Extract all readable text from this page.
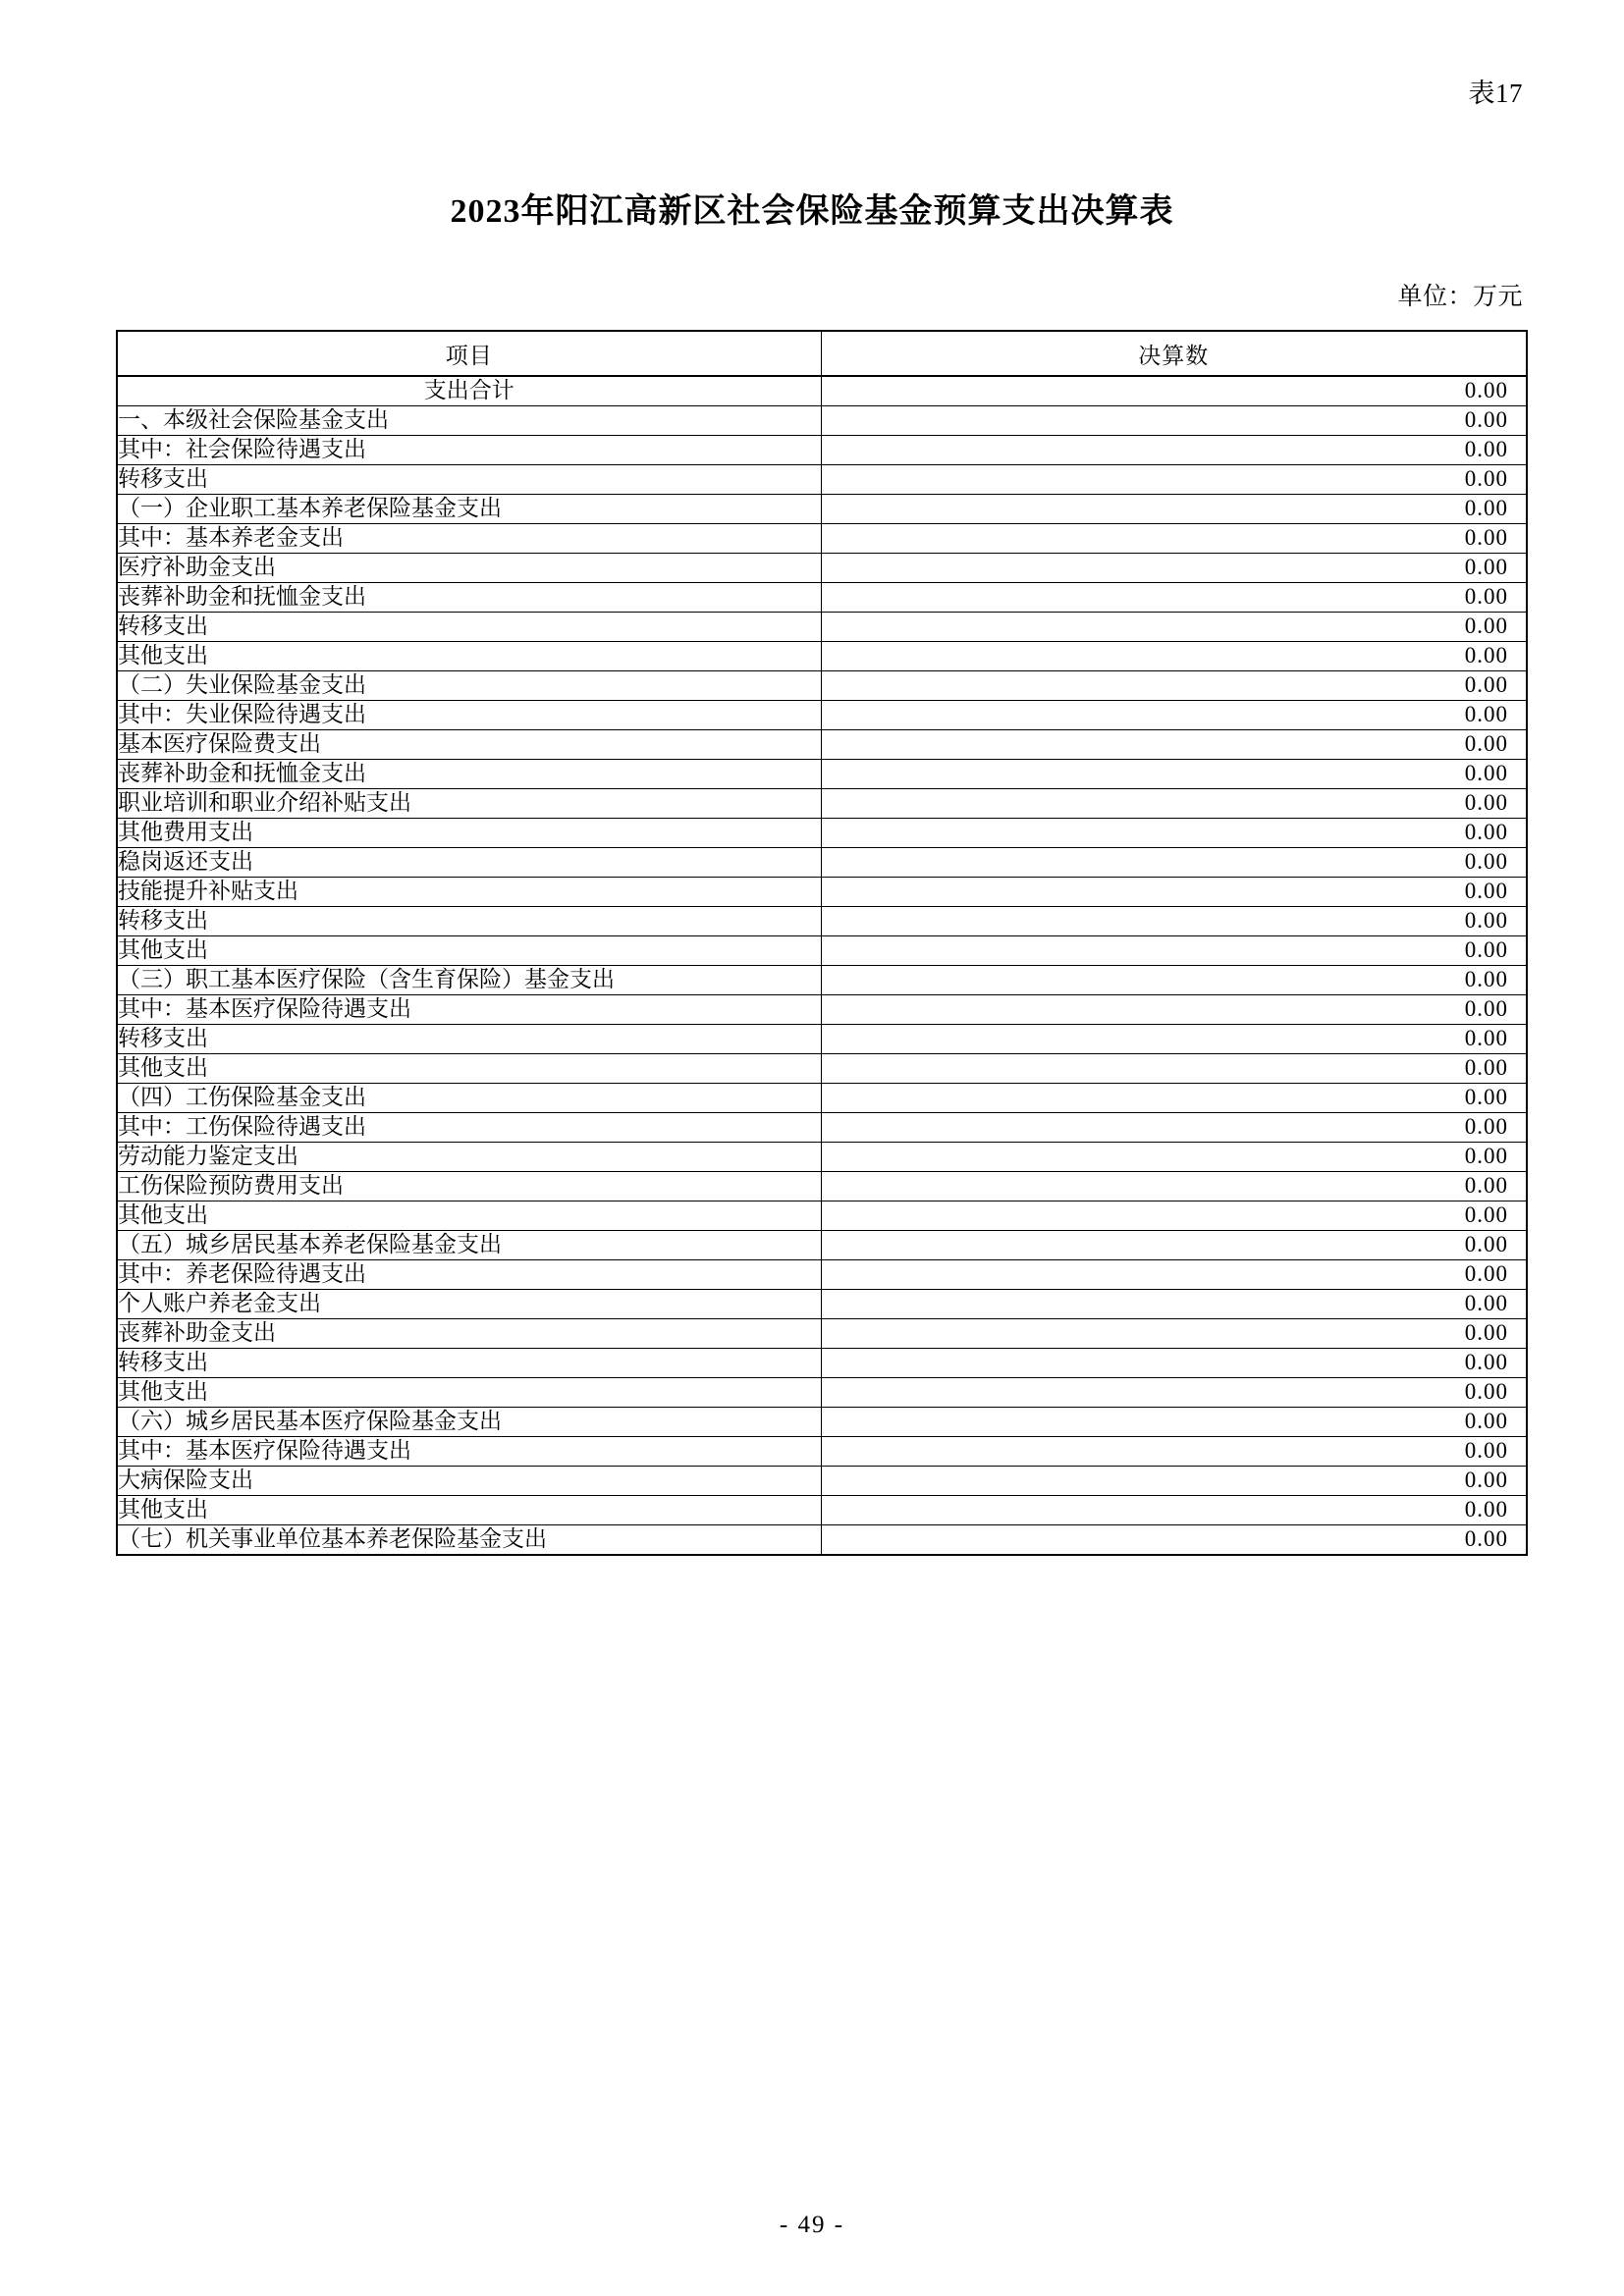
表17
2023年阳江高新区社会保险基金预算支出决算表
单位：万元
项目	决算数
支出合计	0.00
一、本级社会保险基金支出	0.00
其中：社会保险待遇支出	0.00
转移支出	0.00
（一）企业职工基本养老保险基金支出	0.00
其中：基本养老金支出	0.00
医疗补助金支出	0.00
丧葬补助金和抚恤金支出	0.00
转移支出	0.00
其他支出	0.00
（二）失业保险基金支出	0.00
其中：失业保险待遇支出	0.00
基本医疗保险费支出	0.00
丧葬补助金和抚恤金支出	0.00
职业培训和职业介绍补贴支出	0.00
其他费用支出	0.00
稳岗返还支出	0.00
技能提升补贴支出	0.00
转移支出	0.00
其他支出	0.00
（三）职工基本医疗保险（含生育保险）基金支出	0.00
其中：基本医疗保险待遇支出	0.00
转移支出	0.00
其他支出	0.00
（四）工伤保险基金支出	0.00
其中：工伤保险待遇支出	0.00
劳动能力鉴定支出	0.00
工伤保险预防费用支出	0.00
其他支出	0.00
（五）城乡居民基本养老保险基金支出	0.00
其中：养老保险待遇支出	0.00
个人账户养老金支出	0.00
丧葬补助金支出	0.00
转移支出	0.00
其他支出	0.00
（六）城乡居民基本医疗保险基金支出	0.00
其中：基本医疗保险待遇支出	0.00
大病保险支出	0.00
其他支出	0.00
（七）机关事业单位基本养老保险基金支出	0.00
- 49 -
